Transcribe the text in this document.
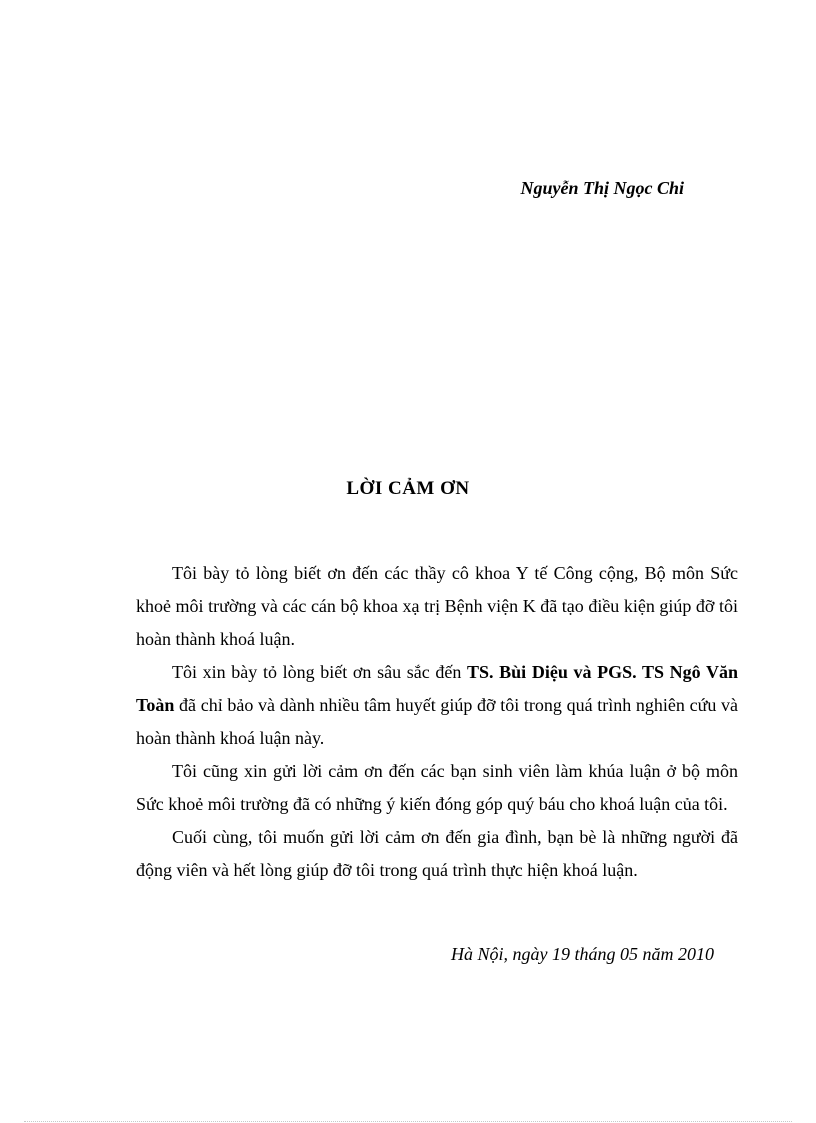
Nguyễn Thị Ngọc Chi
LỜI CẢM ƠN

Tôi bày tỏ lòng biết ơn đến các thầy cô khoa Y tế Công cộng, Bộ môn Sức khoẻ môi trường và các cán bộ khoa xạ trị Bệnh viện K đã tạo điều kiện giúp đỡ tôi hoàn thành khoá luận.

Tôi xin bày tỏ lòng biết ơn sâu sắc đến TS. Bùi Diệu và PGS. TS Ngô Văn Toàn đã chỉ bảo và dành nhiều tâm huyết giúp đỡ tôi trong quá trình nghiên cứu và hoàn thành khoá luận này.

Tôi cũng xin gửi lời cảm ơn đến các bạn sinh viên làm khúa luận ở bộ môn Sức khoẻ môi trường đã có những ý kiến đóng góp quý báu cho khoá luận của tôi.

Cuối cùng, tôi muốn gửi lời cảm ơn đến gia đình, bạn bè là những người đã động viên và hết lòng giúp đỡ tôi trong quá trình thực hiện khoá luận.

Hà Nội, ngày 19 tháng 05 năm 2010
